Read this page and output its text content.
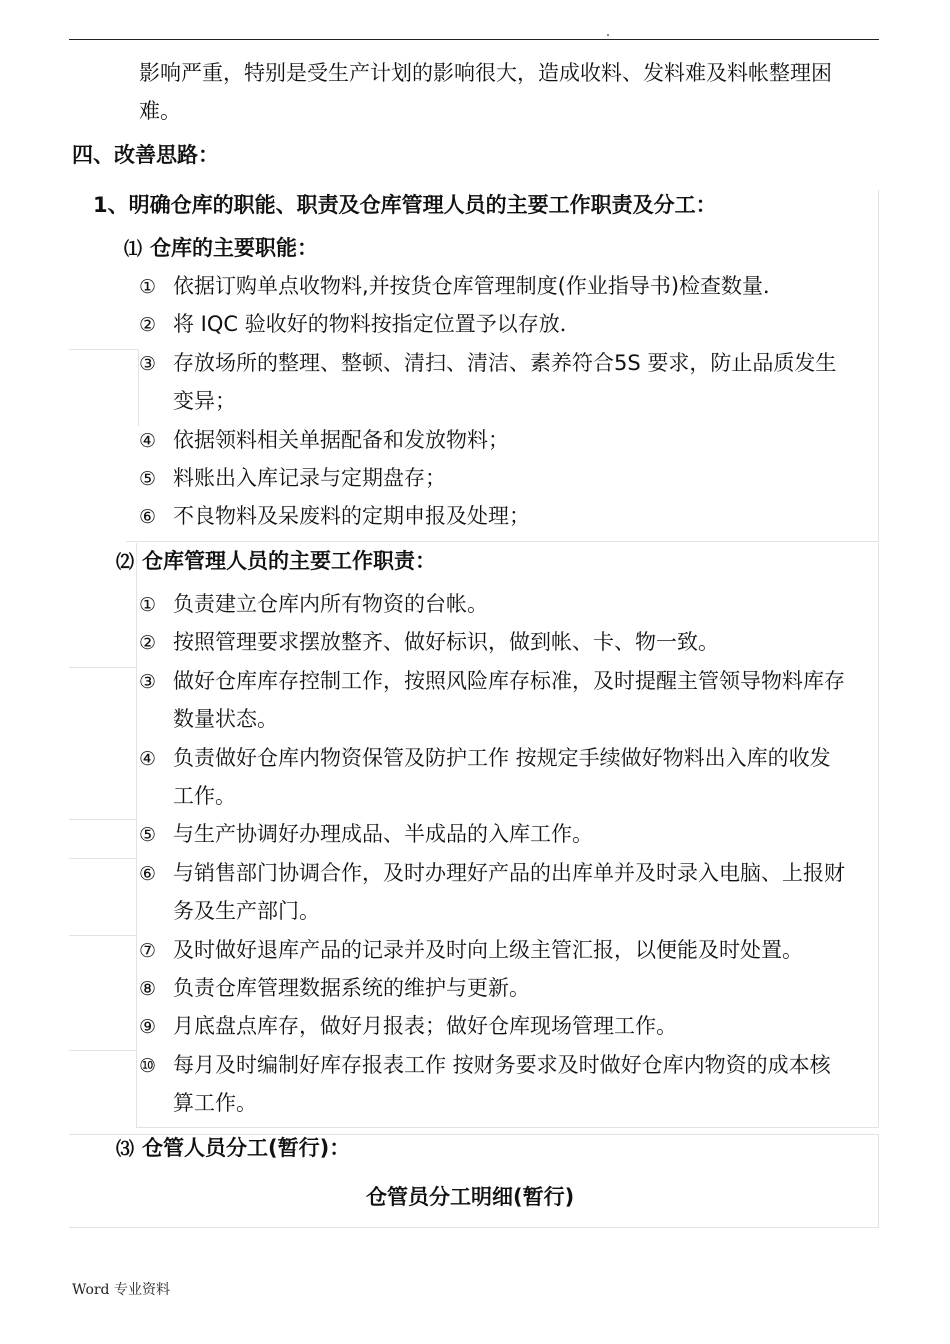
影响严重，特别是受生产计划的影响很大，造成收料、发料难及料帐整理困
难。
四、改善思路：
1、明确仓库的职能、职责及仓库管理人员的主要工作职责及分工：
⑴ 仓库的主要职能：
① 依据订购单点收物料,并按货仓库管理制度(作业指导书)检查数量．
② 将 IQC 验收好的物料按指定位置予以存放．
③ 存放场所的整理、整顿、清扫、清洁、素养符合5S 要求，防止品质发生
变异；
④ 依据领料相关单据配备和发放物料；
⑤ 料账出入库记录与定期盘存；
⑥ 不良物料及呆废料的定期申报及处理；
⑵ 仓库管理人员的主要工作职责：
① 负责建立仓库内所有物资的台帐。
② 按照管理要求摆放整齐、做好标识，做到帐、卡、物一致。
③ 做好仓库库存控制工作，按照风险库存标准，及时提醒主管领导物料库存
数量状态。
④ 负责做好仓库内物资保管及防护工作 按规定手续做好物料出入库的收发
工作。
⑤ 与生产协调好办理成品、半成品的入库工作。
⑥ 与销售部门协调合作，及时办理好产品的出库单并及时录入电脑、上报财
务及生产部门。
⑦ 及时做好退库产品的记录并及时向上级主管汇报，以便能及时处置。
⑧ 负责仓库管理数据系统的维护与更新。
⑨ 月底盘点库存，做好月报表；做好仓库现场管理工作。
⑩ 每月及时编制好库存报表工作 按财务要求及时做好仓库内物资的成本核
算工作。
⑶ 仓管人员分工(暂行)：
仓管员分工明细(暂行)
Word 专业资料
